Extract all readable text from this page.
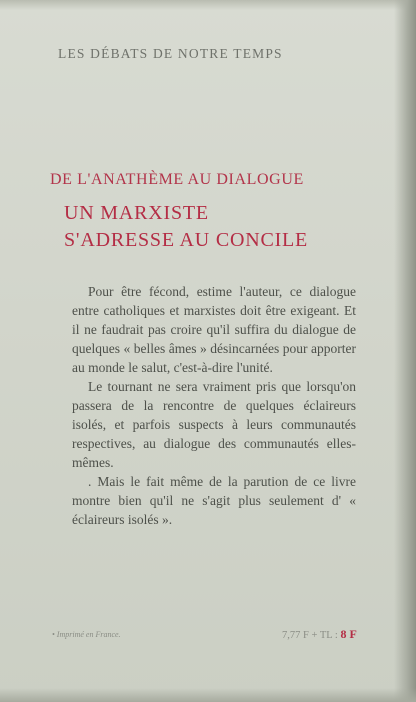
LES DÉBATS DE NOTRE TEMPS
DE L'ANATHÈME AU DIALOGUE
UN MARXISTE
S'ADRESSE AU CONCILE

Pour être fécond, estime l'auteur, ce dialogue entre catholiques et marxistes doit être exigeant. Et il ne faudrait pas croire qu'il suffira du dialogue de quelques « belles âmes » désincarnées pour apporter au monde le salut, c'est-à-dire l'unité.

Le tournant ne sera vraiment pris que lorsqu'on passera de la rencontre de quelques éclaireurs isolés, et parfois suspects à leurs communautés respectives, au dialogue des communautés elles-mêmes.

. Mais le fait même de la parution de ce livre montre bien qu'il ne s'agit plus seulement d' « éclaireurs isolés ».

• Imprimé en France.	7,77 F + TL : 8 F
